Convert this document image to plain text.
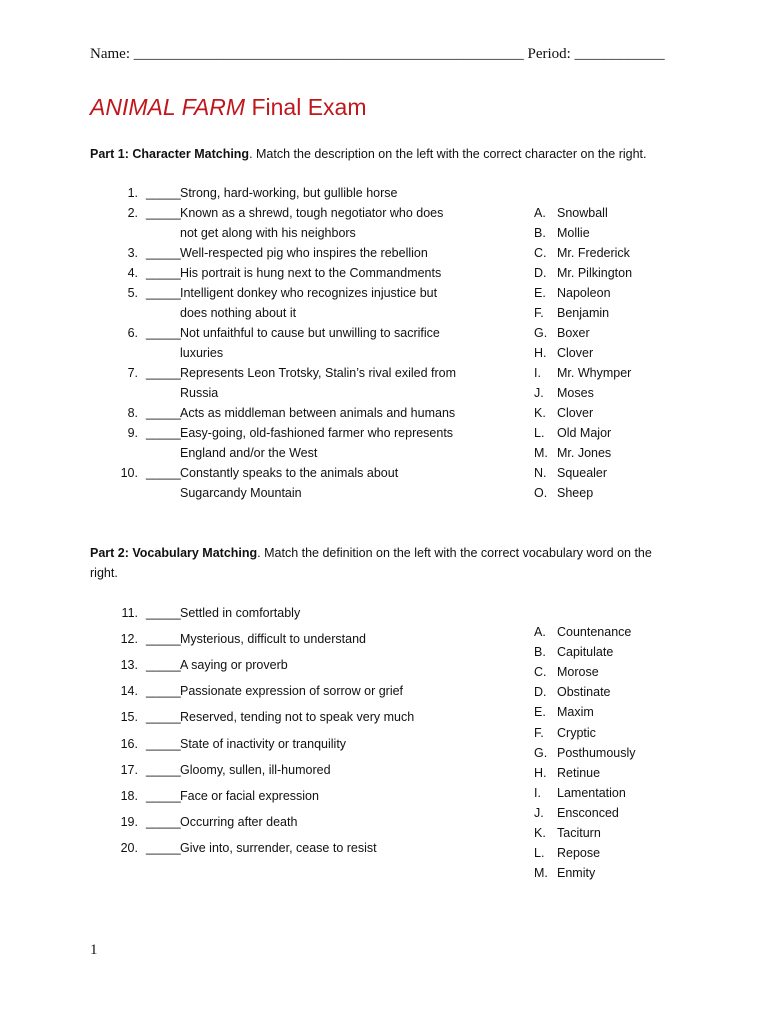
Name: ____________________________________________________ Period: ____________
ANIMAL FARM Final Exam
Part 1: Character Matching. Match the description on the left with the correct character on the right.
1. _____ Strong, hard-working, but gullible horse
2. _____ Known as a shrewd, tough negotiator who does
not get along with his neighbors
3. _____ Well-respected pig who inspires the rebellion
4. _____ His portrait is hung next to the Commandments
5. _____ Intelligent donkey who recognizes injustice but
does nothing about it
6. _____ Not unfaithful to cause but unwilling to sacrifice
luxuries
7. _____ Represents Leon Trotsky, Stalin’s rival exiled from
Russia
8. _____ Acts as middleman between animals and humans
9. _____ Easy-going, old-fashioned farmer who represents
England and/or the West
10. _____ Constantly speaks to the animals about
Sugarcandy Mountain
A. Snowball
B. Mollie
C. Mr. Frederick
D. Mr. Pilkington
E. Napoleon
F. Benjamin
G. Boxer
H. Clover
I. Mr. Whymper
J. Moses
K. Clover
L. Old Major
M. Mr. Jones
N. Squealer
O. Sheep
Part 2: Vocabulary Matching. Match the definition on the left with the correct vocabulary word on the right.
11. _____ Settled in comfortably
12. _____ Mysterious, difficult to understand
13. _____ A saying or proverb
14. _____ Passionate expression of sorrow or grief
15. _____ Reserved, tending not to speak very much
16. _____ State of inactivity or tranquility
17. _____ Gloomy, sullen, ill-humored
18. _____ Face or facial expression
19. _____ Occurring after death
20. _____ Give into, surrender, cease to resist
A. Countenance
B. Capitulate
C. Morose
D. Obstinate
E. Maxim
F. Cryptic
G. Posthumously
H. Retinue
I. Lamentation
J. Ensconced
K. Taciturn
L. Repose
M. Enmity
1
